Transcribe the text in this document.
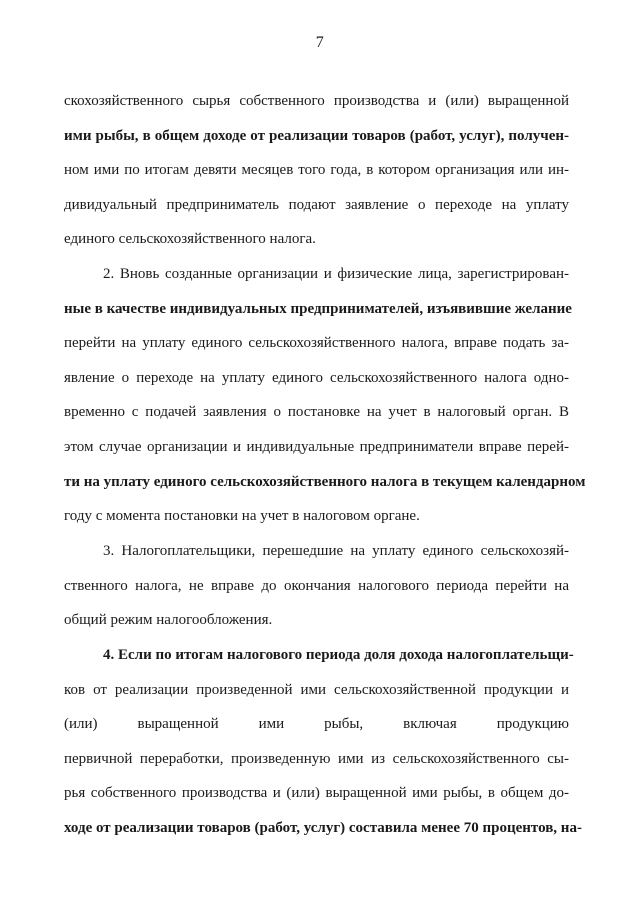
7
скохозяйственного сырья собственного производства и (или) выращенной
ими рыбы, в общем доходе от реализации товаров (работ, услуг), получен-
ном ими по итогам девяти месяцев того года, в котором организация или ин-
дивидуальный предприниматель подают заявление о переходе на уплату
единого сельскохозяйственного налога.
2. Вновь созданные организации и физические лица, зарегистрирован-
ные в качестве индивидуальных предпринимателей, изъявившие желание
перейти на уплату единого сельскохозяйственного налога, вправе подать за-
явление о переходе на уплату единого сельскохозяйственного налога одно-
временно с подачей заявления о постановке на учет в налоговый орган. В
этом случае организации и индивидуальные предприниматели вправе перей-
ти на уплату единого сельскохозяйственного налога в текущем календарном
году с момента постановки на учет в налоговом органе.
3. Налогоплательщики, перешедшие на уплату единого сельскохозяй-
ственного налога, не вправе до окончания налогового периода перейти на
общий режим налогообложения.
4. Если по итогам налогового периода доля дохода налогоплательщи-
ков от реализации произведенной ими сельскохозяйственной продукции и
(или) выращенной ими рыбы, включая продукцию
первичной переработки, произведенную ими из сельскохозяйственного сы-
рья собственного производства и (или) выращенной ими рыбы, в общем до-
ходе от реализации товаров (работ, услуг) составила менее 70 процентов, на-
